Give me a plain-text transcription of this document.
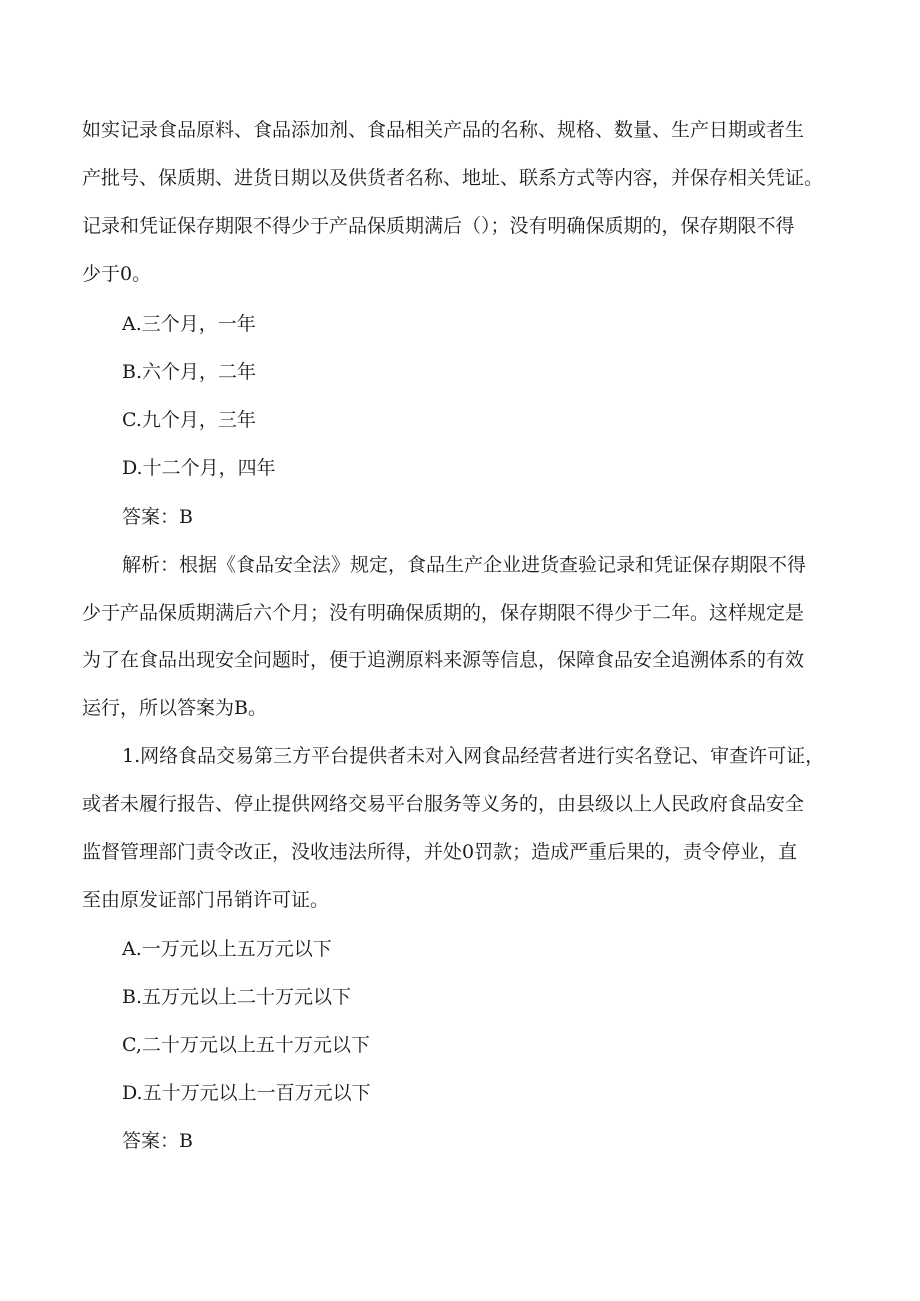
如实记录食品原料、食品添加剂、食品相关产品的名称、规格、数量、生产日期或者生
产批号、保质期、进货日期以及供货者名称、地址、联系方式等内容，并保存相关凭证。
记录和凭证保存期限不得少于产品保质期满后（）；没有明确保质期的，保存期限不得
少于0。
A.三个月，一年
B.六个月，二年
C.九个月，三年
D.十二个月，四年
答案：B
解析：根据《食品安全法》规定，食品生产企业进货查验记录和凭证保存期限不得
少于产品保质期满后六个月；没有明确保质期的，保存期限不得少于二年。这样规定是
为了在食品出现安全问题时，便于追溯原料来源等信息，保障食品安全追溯体系的有效
运行，所以答案为B。
1.网络食品交易第三方平台提供者未对入网食品经营者进行实名登记、审查许可证，
或者未履行报告、停止提供网络交易平台服务等义务的，由县级以上人民政府食品安全
监督管理部门责令改正，没收违法所得，并处0罚款；造成严重后果的，责令停业，直
至由原发证部门吊销许可证。
A.一万元以上五万元以下
B.五万元以上二十万元以下
C,二十万元以上五十万元以下
D.五十万元以上一百万元以下
答案：B
